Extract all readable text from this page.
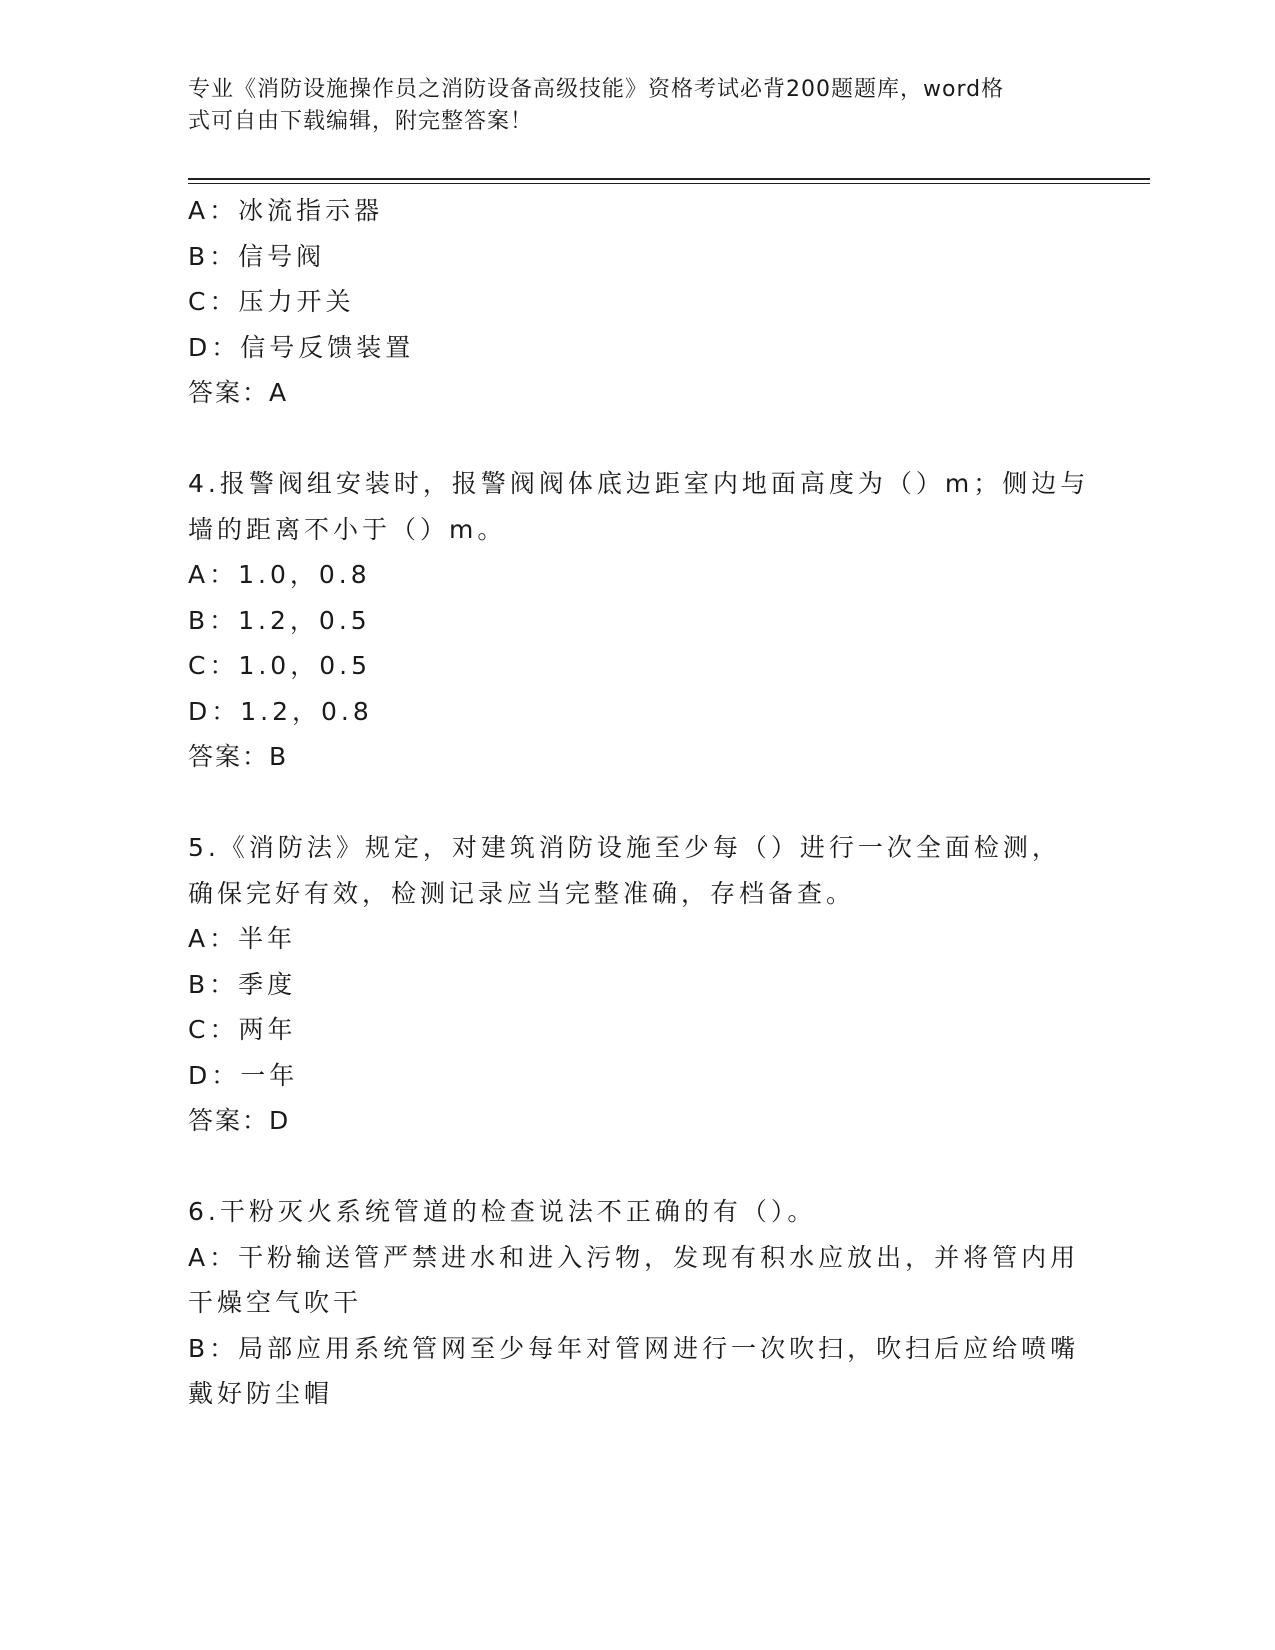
专业《消防设施操作员之消防设备高级技能》资格考试必背200题题库，word格
式可自由下载编辑，附完整答案！
A：冰流指示器
B：信号阀
C：压力开关
D：信号反馈装置
答案：A
4.报警阀组安装时，报警阀阀体底边距室内地面高度为（）m；侧边与
墙的距离不小于（）m。
A：1.0，0.8
B：1.2，0.5
C：1.0，0.5
D：1.2，0.8
答案：B
5.《消防法》规定，对建筑消防设施至少每（）进行一次全面检测，
确保完好有效，检测记录应当完整准确，存档备查。
A：半年
B：季度
C：两年
D：一年
答案：D
6.干粉灭火系统管道的检查说法不正确的有（）。
A：干粉输送管严禁进水和进入污物，发现有积水应放出，并将管内用
干燥空气吹干
B：局部应用系统管网至少每年对管网进行一次吹扫，吹扫后应给喷嘴
戴好防尘帽
